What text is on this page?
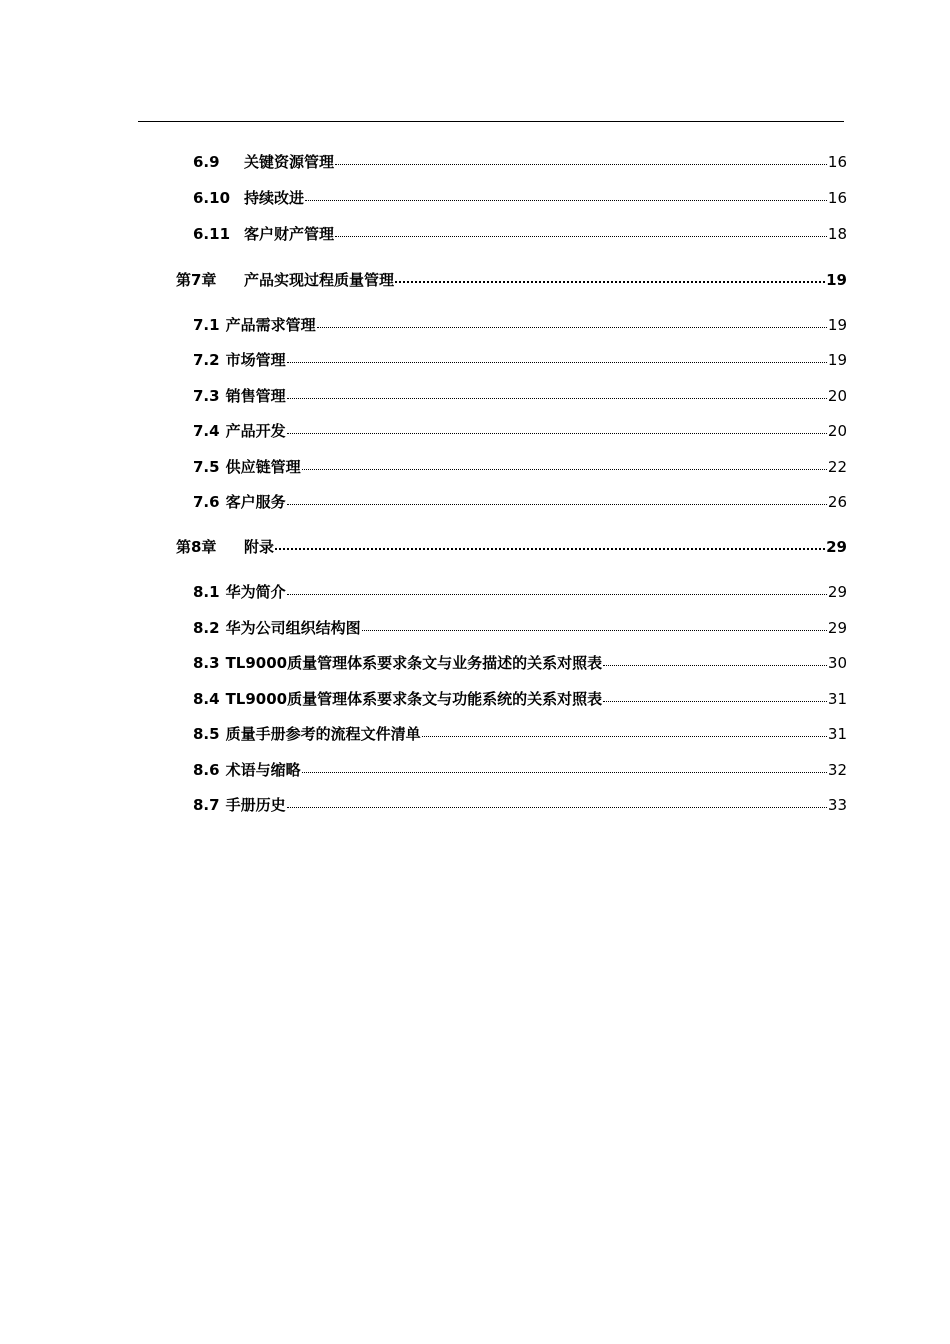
6.9	关键资源管理	16
6.10 持续改进	16
6.11 客户财产管理	18
第7章	产品实现过程质量管理	19
7.1 产品需求管理	19
7.2 市场管理	19
7.3 销售管理	20
7.4 产品开发	20
7.5 供应链管理	22
7.6 客户服务	26
第8章	附录	29
8.1 华为简介	29
8.2 华为公司组织结构图	29
8.3 TL9000质量管理体系要求条文与业务描述的关系对照表	30
8.4 TL9000质量管理体系要求条文与功能系统的关系对照表	31
8.5 质量手册参考的流程文件清单	31
8.6 术语与缩略	32
8.7 手册历史	33
